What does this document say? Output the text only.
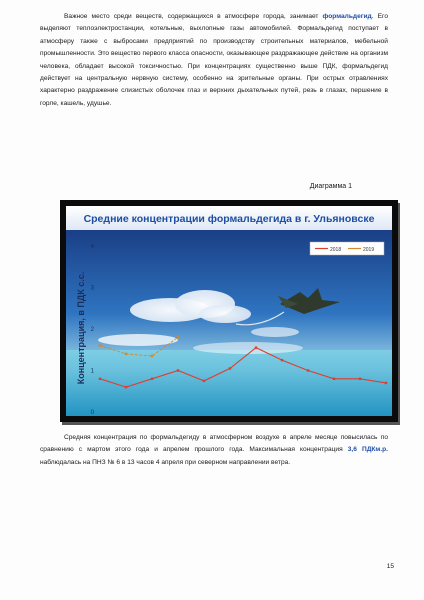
Важное место среди веществ, содержащихся в атмосфере города, занимает формальдегид. Его выделяют теплоэлектростанции, котельные, выхлопные газы автомобилей. Формальдегид поступает в атмосферу также с выбросами предприятий по производству строительных материалов, мебельной промышленности. Это вещество первого класса опасности, оказывающее раздражающее действие на организм человека, обладает высокой токсичностью. При концентрациях существенно выше ПДК, формальдегид действует на центральную нервную систему, особенно на зрительные органы. При острых отравлениях характерно раздражение слизистых оболочек глаз и верхних дыхательных путей, резь в глазах, першение в горле, кашель, удушье.
Диаграмма 1
Средние концентрации формальдегида в г. Ульяновске
2018	2019
Концентрация, в ПДК с.с.
0
1
2
3
4
Средняя концентрация по формальдегиду в атмосферном воздухе в апреле месяце повысилась по сравнению с мартом этого года и апрелем прошлого года. Максимальная концентрация 3,6 ПДКм.р. наблюдалась на ПНЗ № 6 в 13 часов 4 апреля при северном направлении ветра.
15
